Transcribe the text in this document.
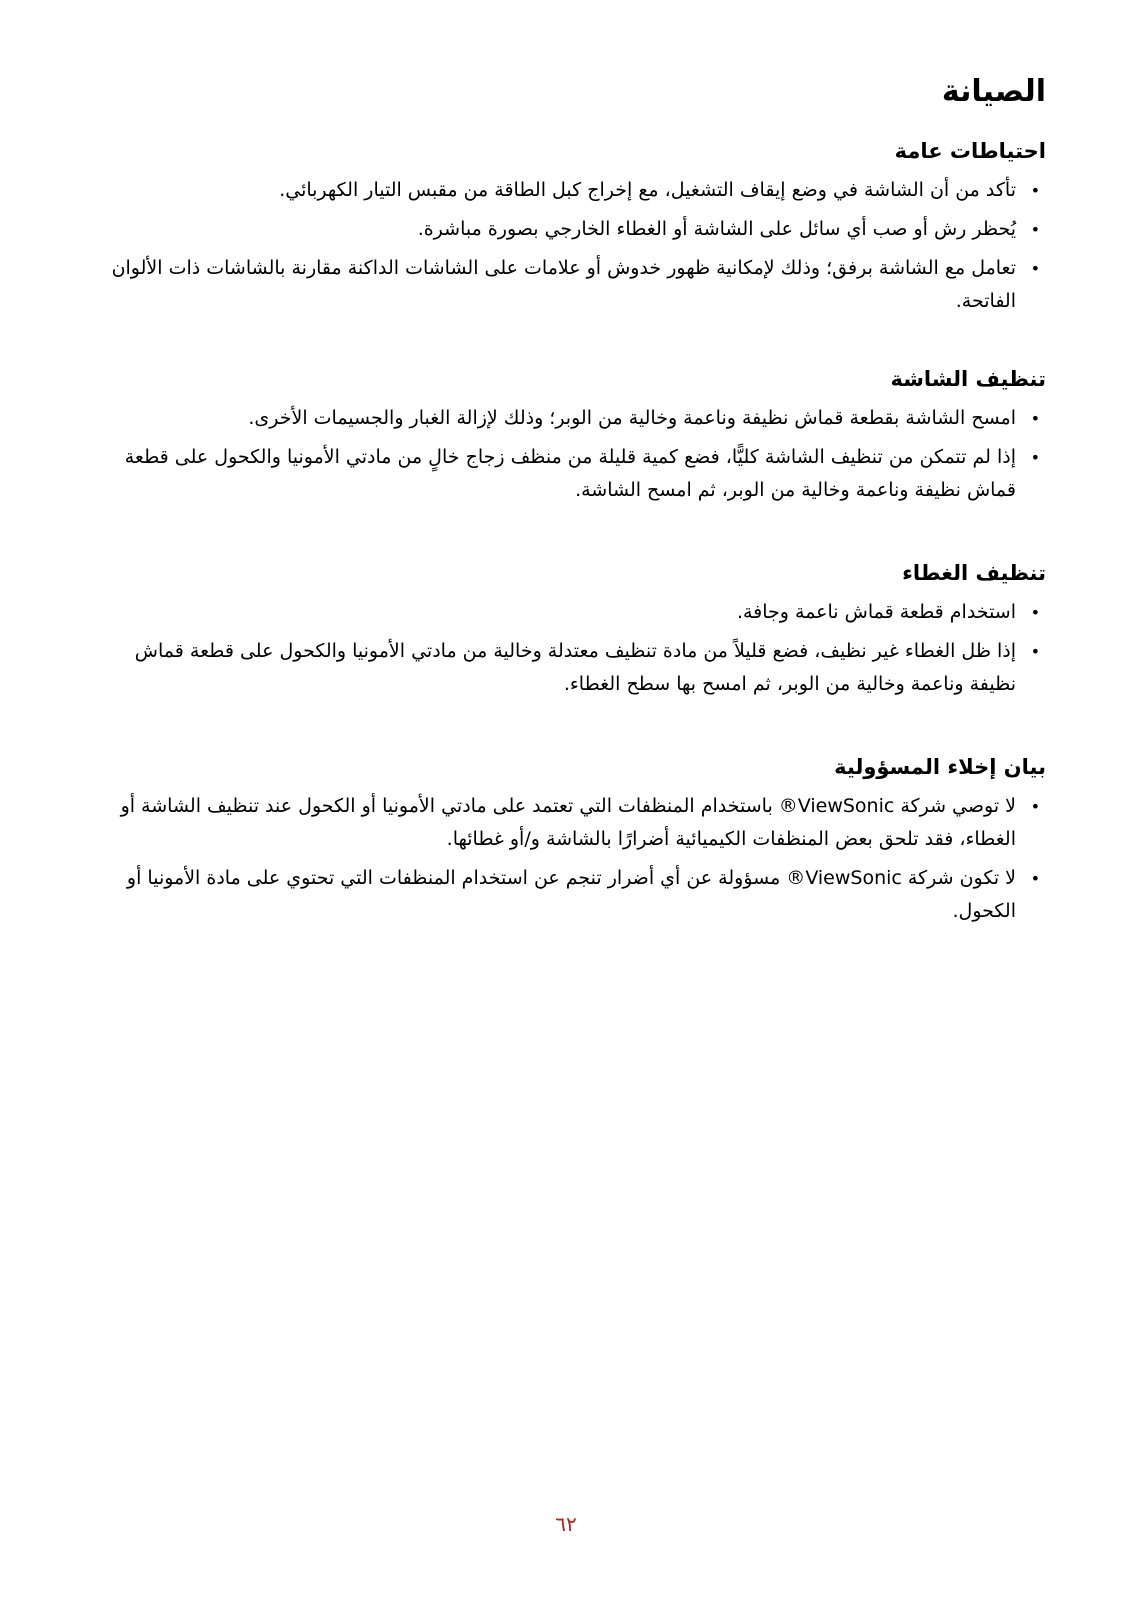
الصيانة
احتياطات عامة
•
تأكد من أن الشاشة في وضع إيقاف التشغيل، مع إخراج كبل الطاقة من مقبس التيار الكهربائي.
•
يُحظر رش أو صب أي سائل على الشاشة أو الغطاء الخارجي بصورة مباشرة.
•
تعامل مع الشاشة برفق؛ وذلك لإمكانية ظهور خدوش أو علامات على الشاشات الداكنة مقارنة بالشاشات ذات الألوان الفاتحة.
تنظيف الشاشة
•
امسح الشاشة بقطعة قماش نظيفة وناعمة وخالية من الوبر؛ وذلك لإزالة الغبار والجسيمات الأخرى.
•
إذا لم تتمكن من تنظيف الشاشة كليًّا، فضع كمية قليلة من منظف زجاج خالٍ من مادتي الأمونيا والكحول على قطعة قماش نظيفة وناعمة وخالية من الوبر، ثم امسح الشاشة.
تنظيف الغطاء
•
استخدام قطعة قماش ناعمة وجافة.
•
إذا ظل الغطاء غير نظيف، فضع قليلاً من مادة تنظيف معتدلة وخالية من مادتي الأمونيا والكحول على قطعة قماش نظيفة وناعمة وخالية من الوبر، ثم امسح بها سطح الغطاء.
بيان إخلاء المسؤولية
•
لا توصي شركة ViewSonic® باستخدام المنظفات التي تعتمد على مادتي الأمونيا أو الكحول عند تنظيف الشاشة أو الغطاء، فقد تلحق بعض المنظفات الكيميائية أضرارًا بالشاشة و/أو غطائها.
•
لا تكون شركة ViewSonic® مسؤولة عن أي أضرار تنجم عن استخدام المنظفات التي تحتوي على مادة الأمونيا أو الكحول.
٦٢
